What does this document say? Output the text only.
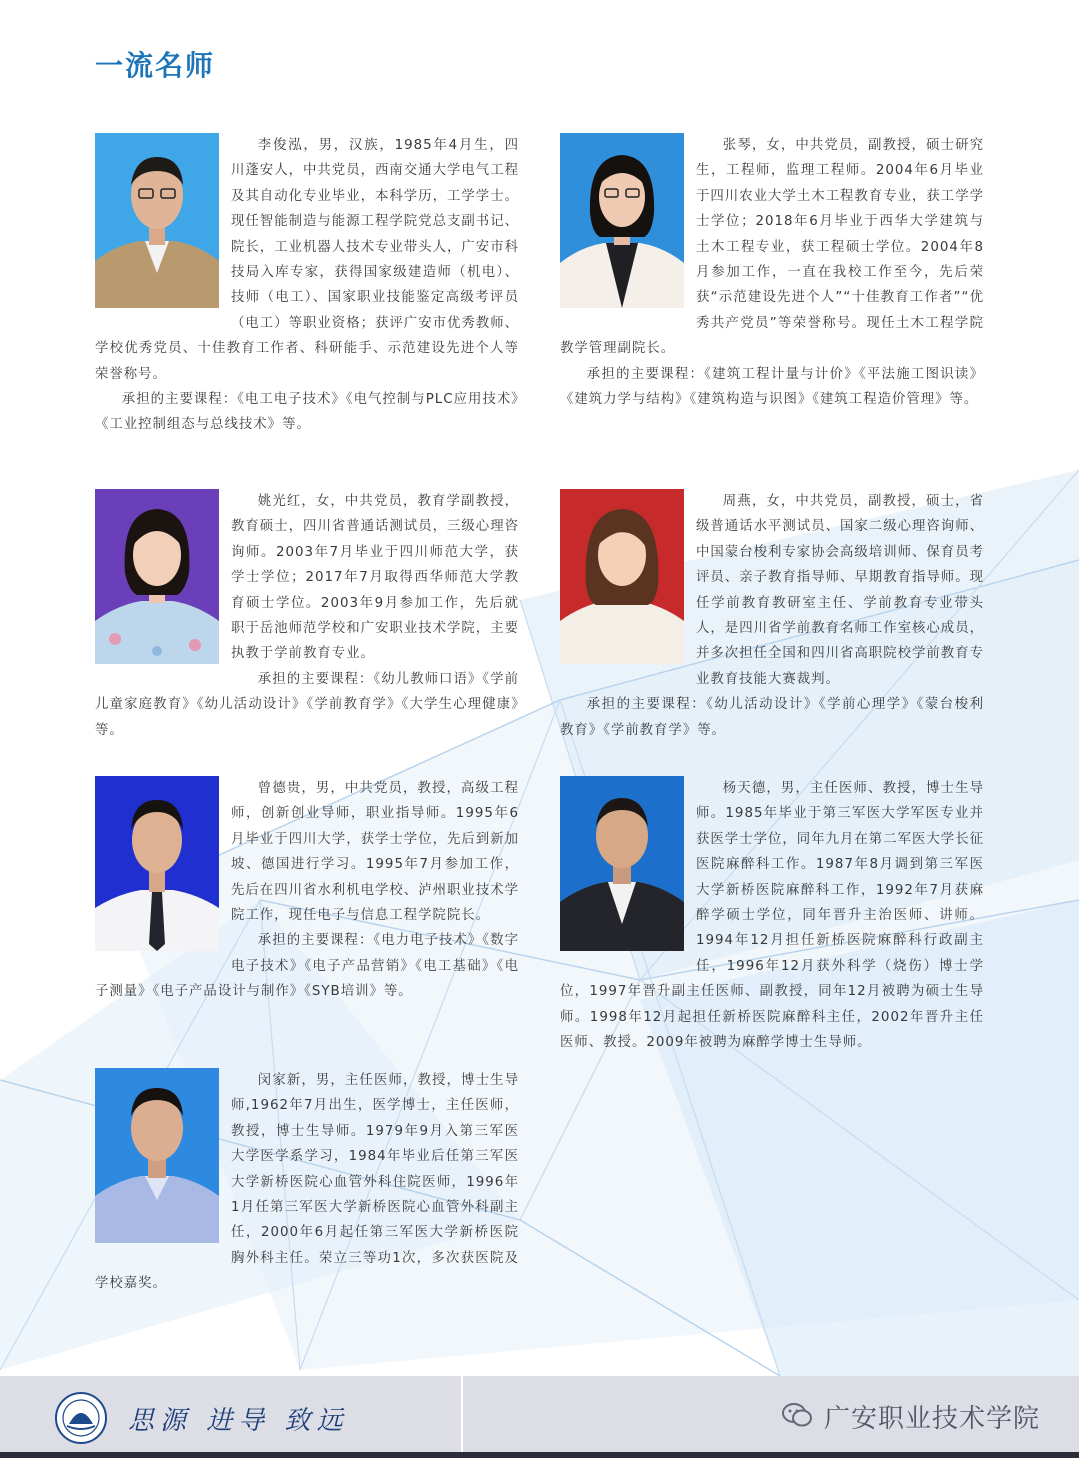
一流名师

李俊泓，男，汉族，1985年4月生，四川蓬安人，中共党员，西南交通大学电气工程及其自动化专业毕业，本科学历，工学学士。现任智能制造与能源工程学院党总支副书记、院长，工业机器人技术专业带头人，广安市科技局入库专家，获得国家级建造师（机电）、技师（电工）、国家职业技能鉴定高级考评员（电工）等职业资格；获评广安市优秀教师、学校优秀党员、十佳教育工作者、科研能手、示范建设先进个人等荣誉称号。

承担的主要课程：《电工电子技术》《电气控制与PLC应用技术》《工业控制组态与总线技术》等。

张琴，女，中共党员，副教授，硕士研究生，工程师，监理工程师。2004年6月毕业于四川农业大学土木工程教育专业，获工学学士学位；2018年6月毕业于西华大学建筑与土木工程专业，获工程硕士学位。2004年8月参加工作，一直在我校工作至今，先后荣获“示范建设先进个人”“十佳教育工作者”“优秀共产党员”等荣誉称号。现任土木工程学院教学管理副院长。

承担的主要课程：《建筑工程计量与计价》《平法施工图识读》《建筑力学与结构》《建筑构造与识图》《建筑工程造价管理》等。

姚光红，女，中共党员，教育学副教授，教育硕士，四川省普通话测试员，三级心理咨询师。2003年7月毕业于四川师范大学，获学士学位；2017年7月取得西华师范大学教育硕士学位。2003年9月参加工作，先后就职于岳池师范学校和广安职业技术学院，主要执教于学前教育专业。

承担的主要课程：《幼儿教师口语》《学前儿童家庭教育》《幼儿活动设计》《学前教育学》《大学生心理健康》等。

周燕，女，中共党员，副教授，硕士，省级普通话水平测试员、国家二级心理咨询师、中国蒙台梭利专家协会高级培训师、保育员考评员、亲子教育指导师、早期教育指导师。现任学前教育教研室主任、学前教育专业带头人，是四川省学前教育名师工作室核心成员，并多次担任全国和四川省高职院校学前教育专业教育技能大赛裁判。

承担的主要课程：《幼儿活动设计》《学前心理学》《蒙台梭利教育》《学前教育学》等。

曾德贵，男，中共党员，教授，高级工程师，创新创业导师，职业指导师。1995年6月毕业于四川大学，获学士学位，先后到新加坡、德国进行学习。1995年7月参加工作，先后在四川省水利机电学校、泸州职业技术学院工作，现任电子与信息工程学院院长。

承担的主要课程：《电力电子技术》《数字电子技术》《电子产品营销》《电工基础》《电子测量》《电子产品设计与制作》《SYB培训》等。

杨天德，男，主任医师、教授，博士生导师。1985年毕业于第三军医大学军医专业并获医学士学位，同年九月在第二军医大学长征医院麻醉科工作。1987年8月调到第三军医大学新桥医院麻醉科工作，1992年7月获麻醉学硕士学位，同年晋升主治医师、讲师。1994年12月担任新桥医院麻醉科行政副主任，1996年12月获外科学（烧伤）博士学位，1997年晋升副主任医师、副教授，同年12月被聘为硕士生导师。1998年12月起担任新桥医院麻醉科主任，2002年晋升主任医师、教授。2009年被聘为麻醉学博士生导师。

闵家新，男，主任医师，教授，博士生导师,1962年7月出生，医学博士，主任医师，教授，博士生导师。1979年9月入第三军医大学医学系学习，1984年毕业后任第三军医大学新桥医院心血管外科住院医师，1996年1月任第三军医大学新桥医院心血管外科副主任，2000年6月起任第三军医大学新桥医院胸外科主任。荣立三等功1次，多次获医院及学校嘉奖。

思源 进导 致远	广安职业技术学院
